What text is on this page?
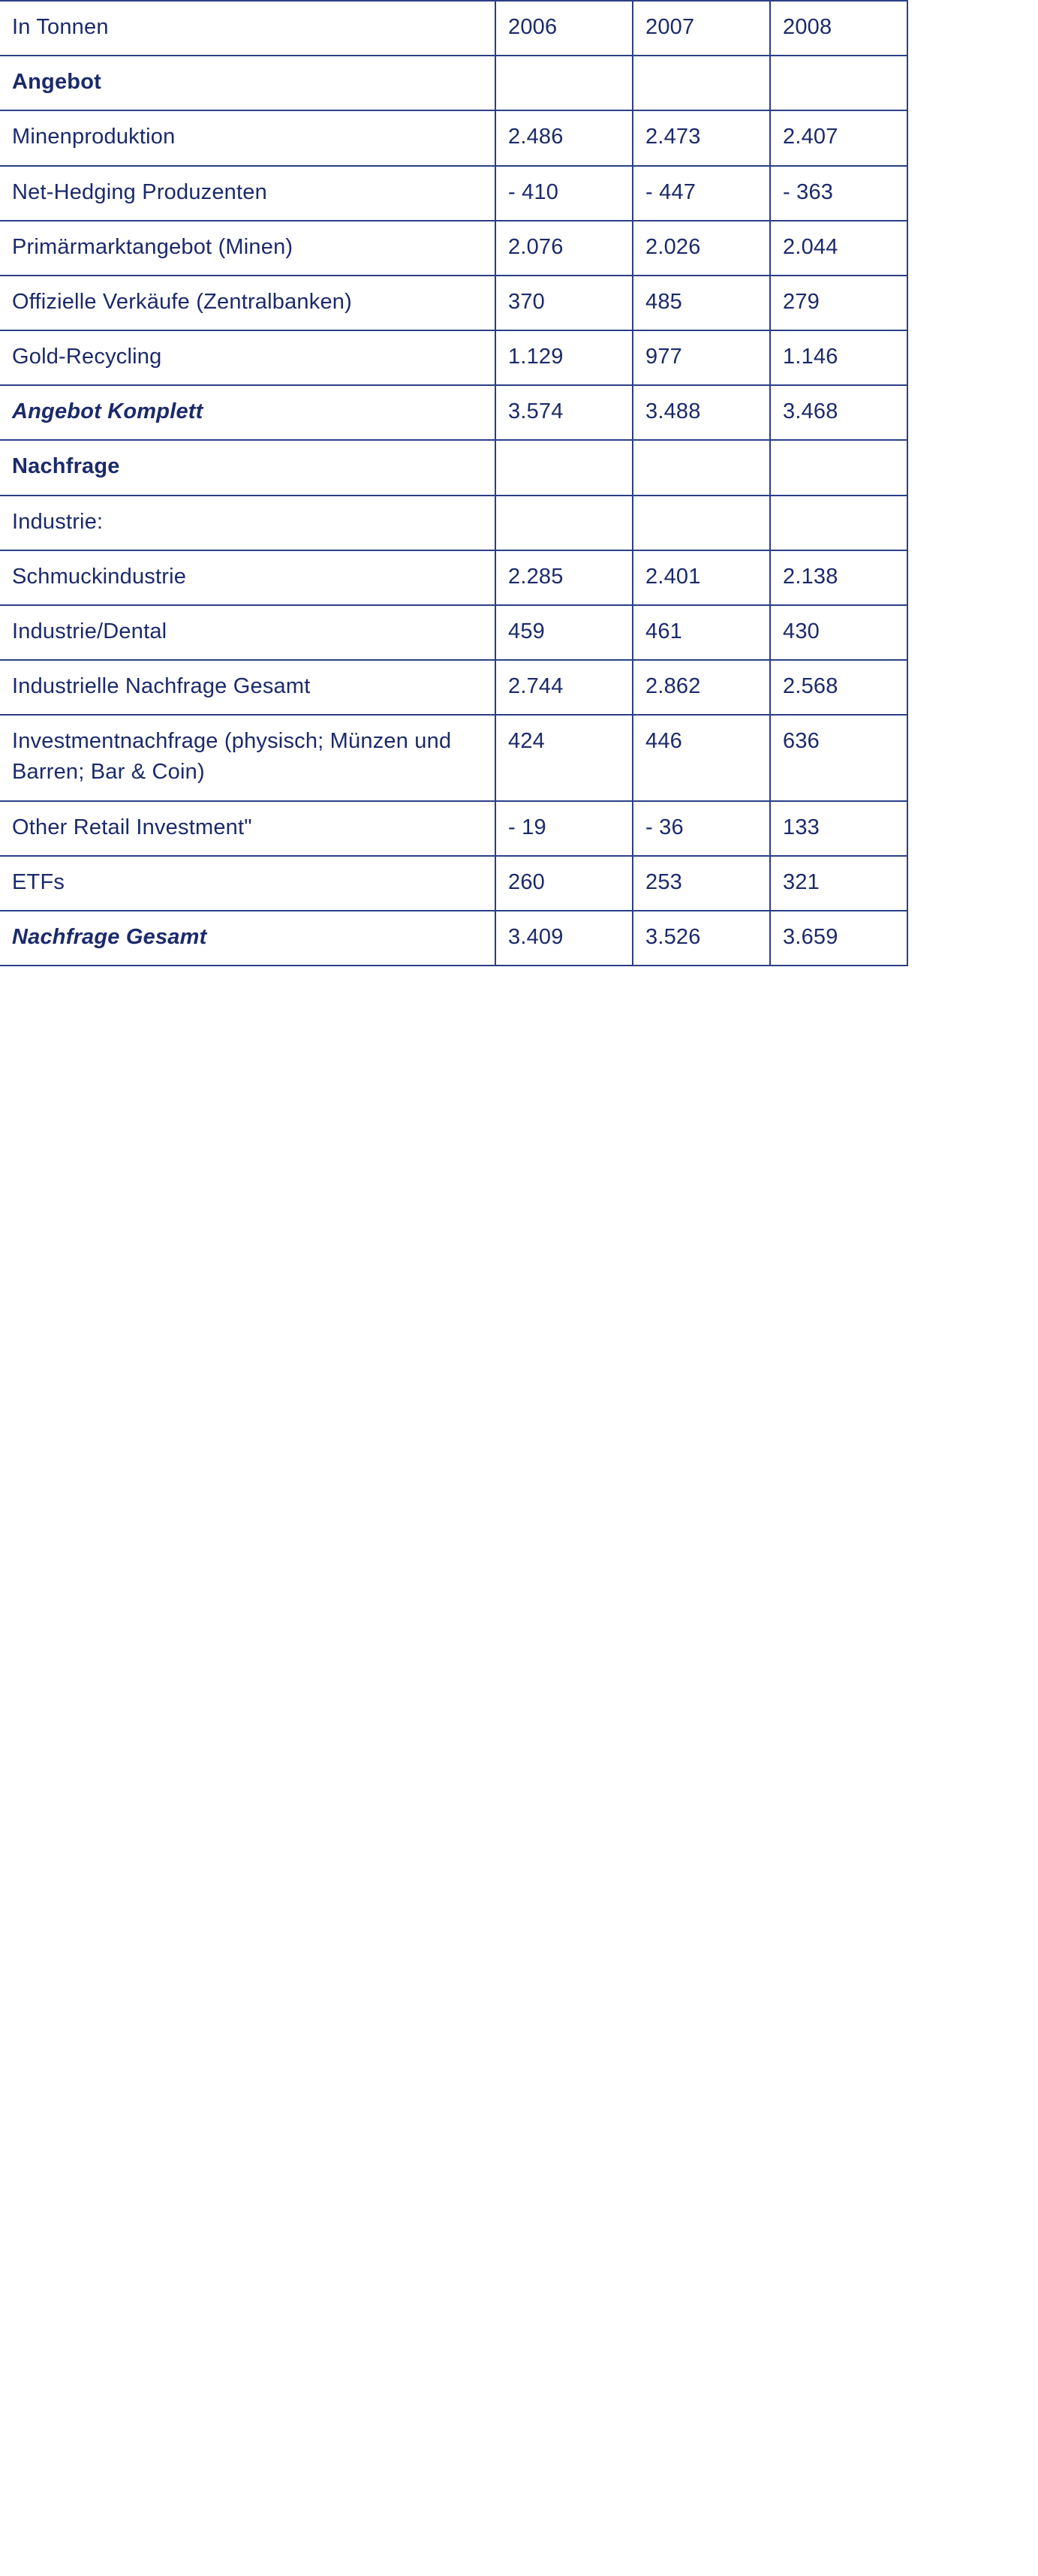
In Tonnen	2006	2007	2008
Angebot			
Minenproduktion	2.486	2.473	2.407
Net-Hedging Produzenten	- 410	- 447	- 363
Primärmarktangebot (Minen)	2.076	2.026	2.044
Offizielle Verkäufe (Zentralbanken)	370	485	279
Gold-Recycling	1.129	977	1.146
Angebot Komplett	3.574	3.488	3.468
Nachfrage			
Industrie:			
Schmuckindustrie	2.285	2.401	2.138
Industrie/Dental	459	461	430
Industrielle Nachfrage Gesamt	2.744	2.862	2.568
Investmentnachfrage (physisch; Münzen und Barren; Bar & Coin)	424	446	636
Other Retail Investment"	- 19	- 36	133
ETFs	260	253	321
Nachfrage Gesamt	3.409	3.526	3.659
